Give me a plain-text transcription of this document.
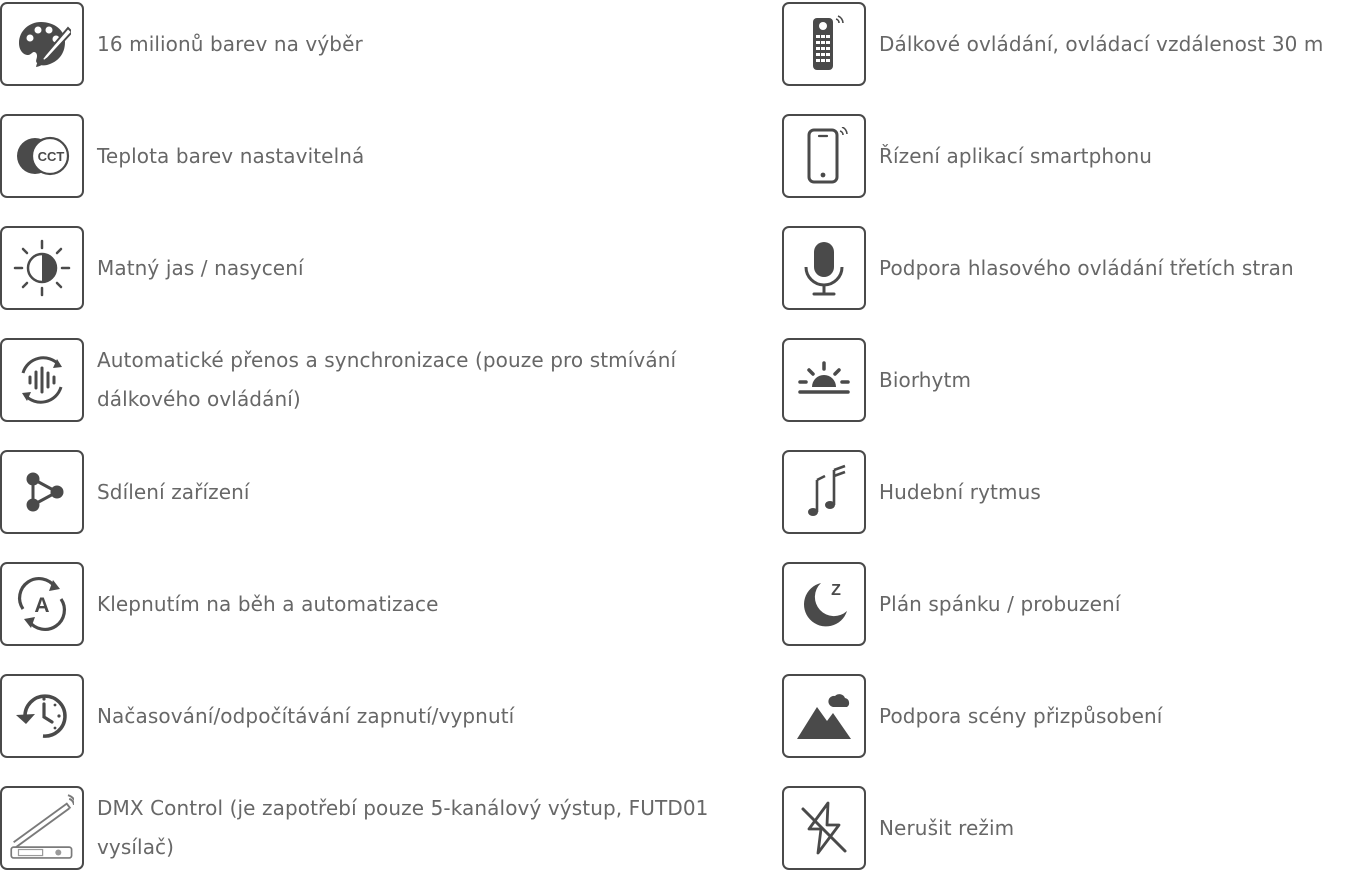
16 milionů barev na výběr
CCT Teplota barev nastavitelná
Matný jas / nasycení
Automatické přenos a synchronizace (pouze pro stmívání dálkového ovládání)
Sdílení zařízení
A Klepnutím na běh a automatizace
Načasování/odpočítávání zapnutí/vypnutí
DMX Control (je zapotřebí pouze 5-kanálový výstup, FUTD01 vysílač)
Dálkové ovládání, ovládací vzdálenost 30 m
Řízení aplikací smartphonu
Podpora hlasového ovládání třetích stran
Biorhytm
Hudební rytmus
Z
Plán spánku / probuzení
Podpora scény přizpůsobení
Nerušit režim
